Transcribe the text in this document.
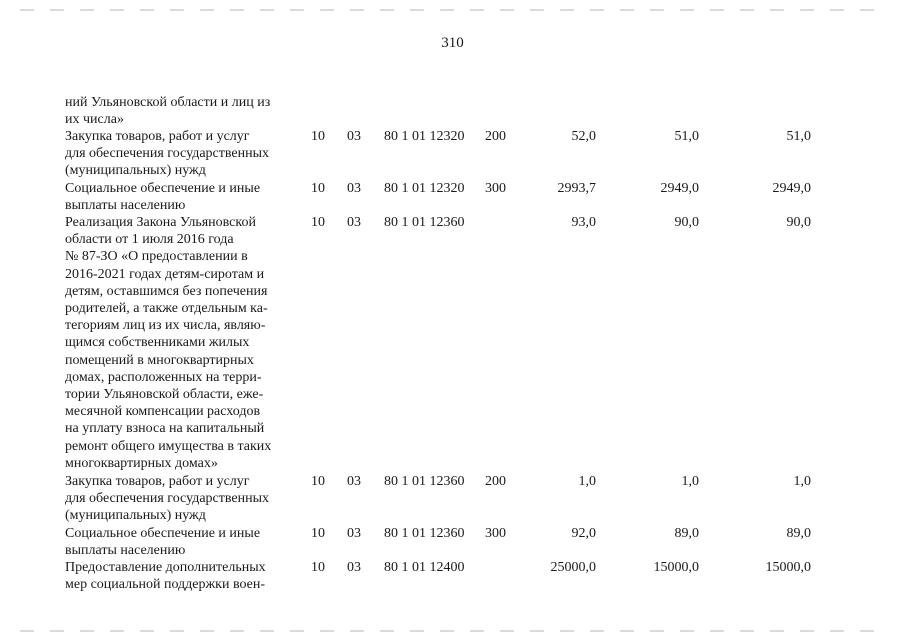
310
ний Ульяновской области и лиц из
их числа»
Закупка товаров, работ и услуг
для обеспечения государственных
(муниципальных) нужд
10 03 80 1 01 12320 200	52,0	51,0	51,0
Социальное обеспечение и иные
выплаты населению
10 03 80 1 01 12320 300	2993,7	2949,0	2949,0
Реализация Закона Ульяновской
области от 1 июля 2016 года
№ 87-ЗО «О предоставлении в
2016-2021 годах детям-сиротам и
детям, оставшимся без попечения
родителей, а также отдельным ка-
тегориям лиц из их числа, являю-
щимся собственниками жилых
помещений в многоквартирных
домах, расположенных на терри-
тории Ульяновской области, еже-
месячной компенсации расходов
на уплату взноса на капитальный
ремонт общего имущества в таких
многоквартирных домах»
10 03 80 1 01 12360	93,0	90,0	90,0
Закупка товаров, работ и услуг
для обеспечения государственных
(муниципальных) нужд
10 03 80 1 01 12360 200	1,0	1,0	1,0
Социальное обеспечение и иные
выплаты населению
10 03 80 1 01 12360 300	92,0	89,0	89,0
Предоставление дополнительных
мер социальной поддержки воен-
10 03 80 1 01 12400	25000,0	15000,0	15000,0
